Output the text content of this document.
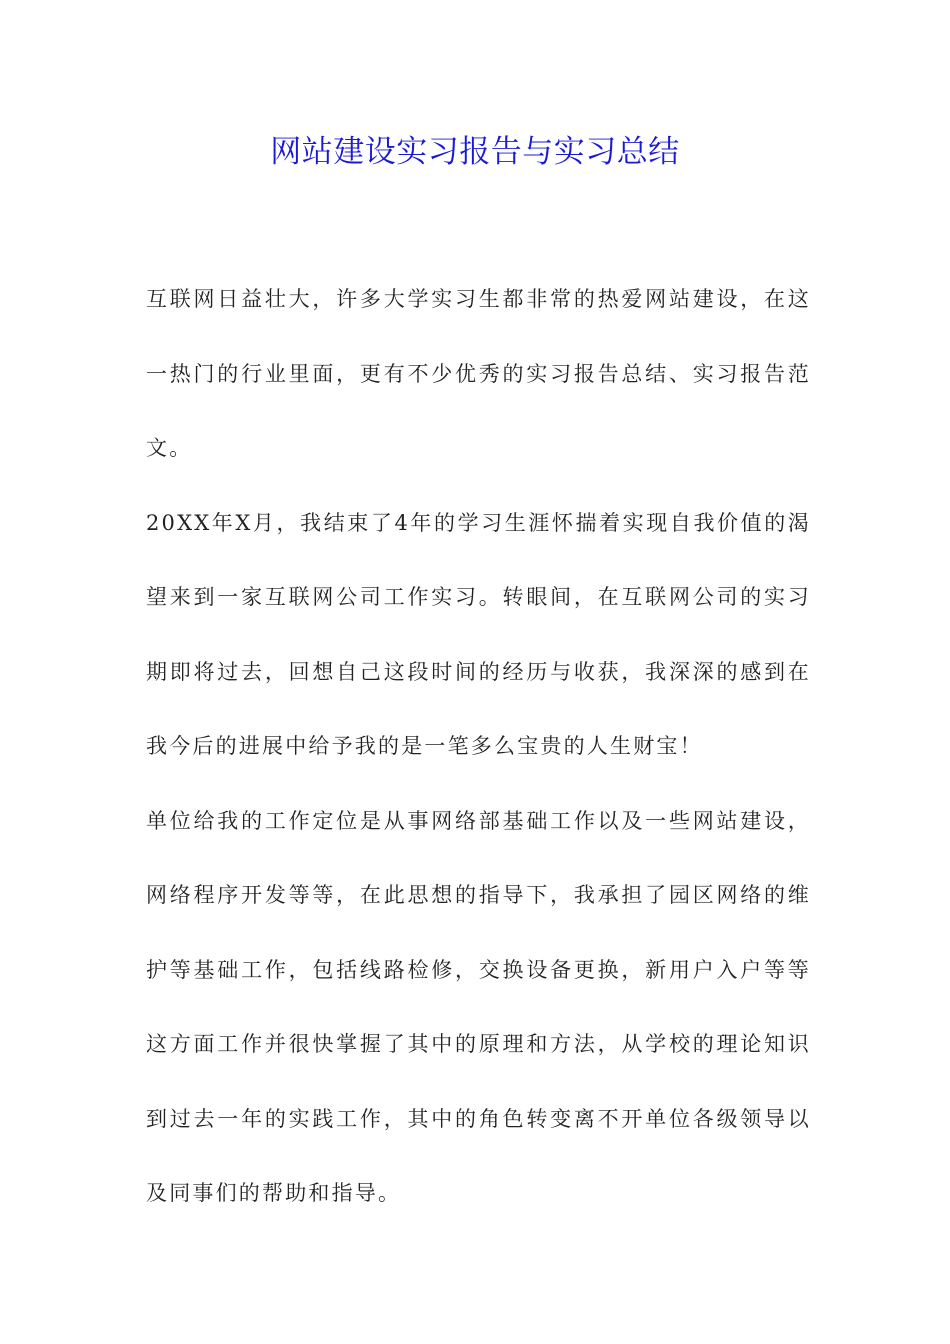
网站建设实习报告与实习总结

互联网日益壮大，许多大学实习生都非常的热爱网站建设，在这一热门的行业里面，更有不少优秀的实习报告总结、实习报告范文。

20XX年X月，我结束了4年的学习生涯怀揣着实现自我价值的渴望来到一家互联网公司工作实习。转眼间，在互联网公司的实习期即将过去，回想自己这段时间的经历与收获，我深深的感到在我今后的进展中给予我的是一笔多么宝贵的人生财宝！

单位给我的工作定位是从事网络部基础工作以及一些网站建设，网络程序开发等等，在此思想的指导下，我承担了园区网络的维护等基础工作，包括线路检修，交换设备更换，新用户入户等等这方面工作并很快掌握了其中的原理和方法，从学校的理论知识到过去一年的实践工作，其中的角色转变离不开单位各级领导以及同事们的帮助和指导。
